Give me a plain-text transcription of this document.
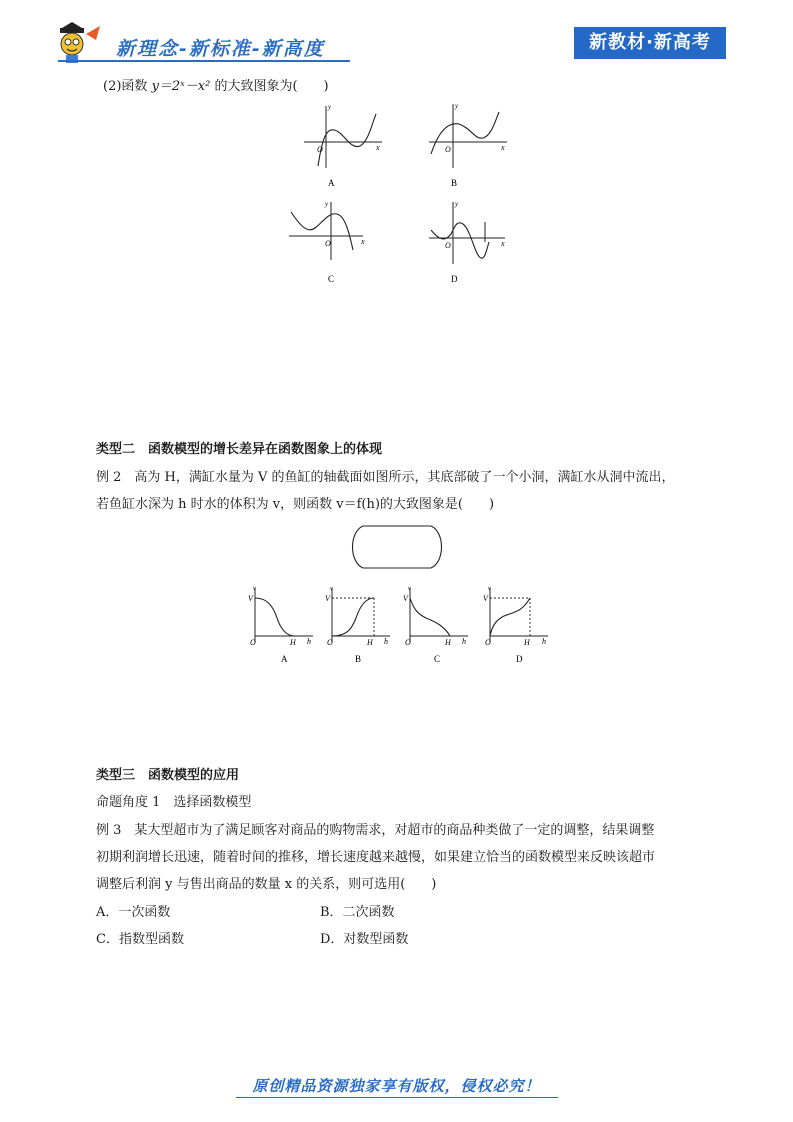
新理念-新标准-新高度	新教材·新高考
(2)函数 y＝2ˣ－x² 的大致图象为(　　)
O	x
y
A
O	x
y
B
O	x
y
C
O	x
y
D
类型二　函数模型的增长差异在函数图象上的体现
例 2　高为 H，满缸水量为 V 的鱼缸的轴截面如图所示，其底部破了一个小洞，满缸水从洞中流出，
若鱼缸水深为 h 时水的体积为 v，则函数 v＝f(h)的大致图象是(　　)
v
V
O	H h
A
v
V
O	H h
B
v
V
O	H h
C
v
V
O	H h
D
类型三　函数模型的应用
命题角度 1　选择函数模型
例 3　某大型超市为了满足顾客对商品的购物需求，对超市的商品种类做了一定的调整，结果调整
初期利润增长迅速，随着时间的推移，增长速度越来越慢，如果建立恰当的函数模型来反映该超市
调整后利润 y 与售出商品的数量 x 的关系，则可选用(　　)
A．一次函数	B．二次函数
C．指数型函数	D．对数型函数
原创精品资源独家享有版权，侵权必究！
